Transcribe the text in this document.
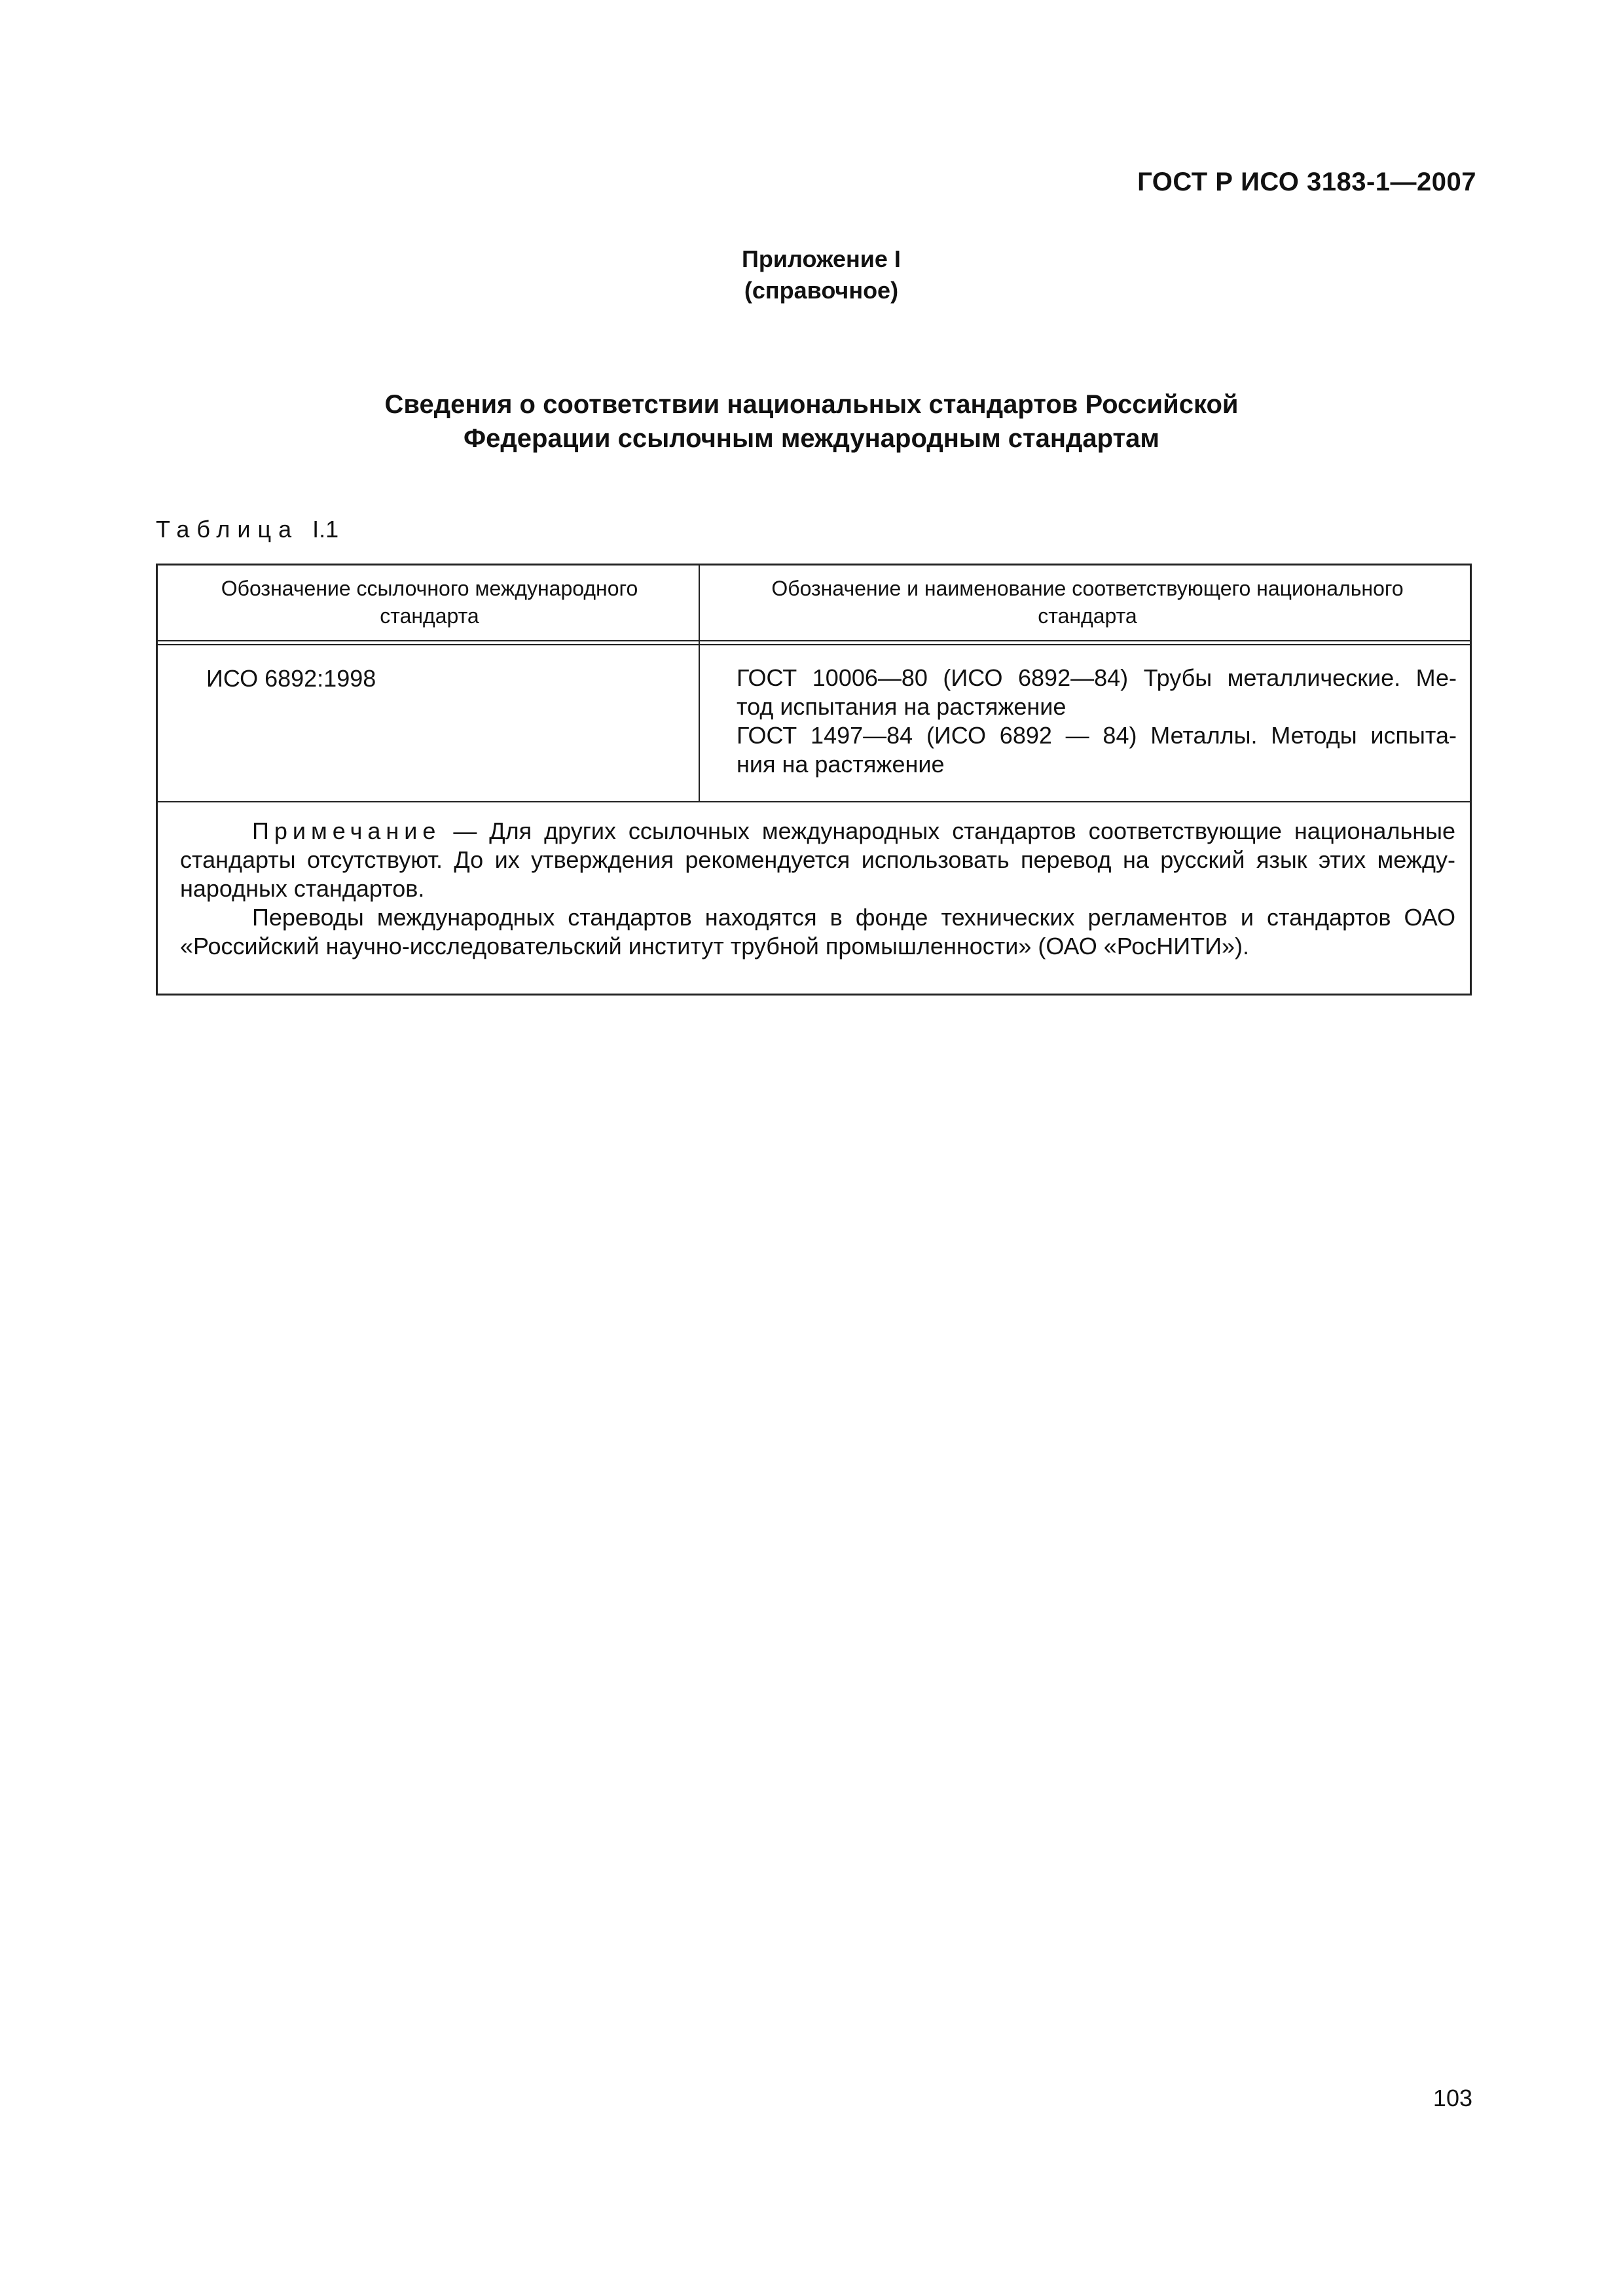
ГОСТ Р ИСО 3183-1—2007
Приложение I
(справочное)
Сведения о соответствии национальных стандартов Российской
Федерации ссылочным международным стандартам
Таблица I.1
Обозначение ссылочного международного
стандарта
Обозначение и наименование соответствующего национального
стандарта
ИСО 6892:1998	ГОСТ 10006—80 (ИСО 6892—84) Трубы металлические. Ме-
тод испытания на растяжение
ГОСТ 1497—84 (ИСО 6892 — 84) Металлы. Методы испыта-
ния на растяжение
Примечание — Для других ссылочных международных стандартов соответствующие национальные
стандарты отсутствуют. До их утверждения рекомендуется использовать перевод на русский язык этих между-
народных стандартов.
Переводы международных стандартов находятся в фонде технических регламентов и стандартов ОАО
«Российский научно-исследовательский институт трубной промышленности» (ОАО «РосНИТИ»).
103
